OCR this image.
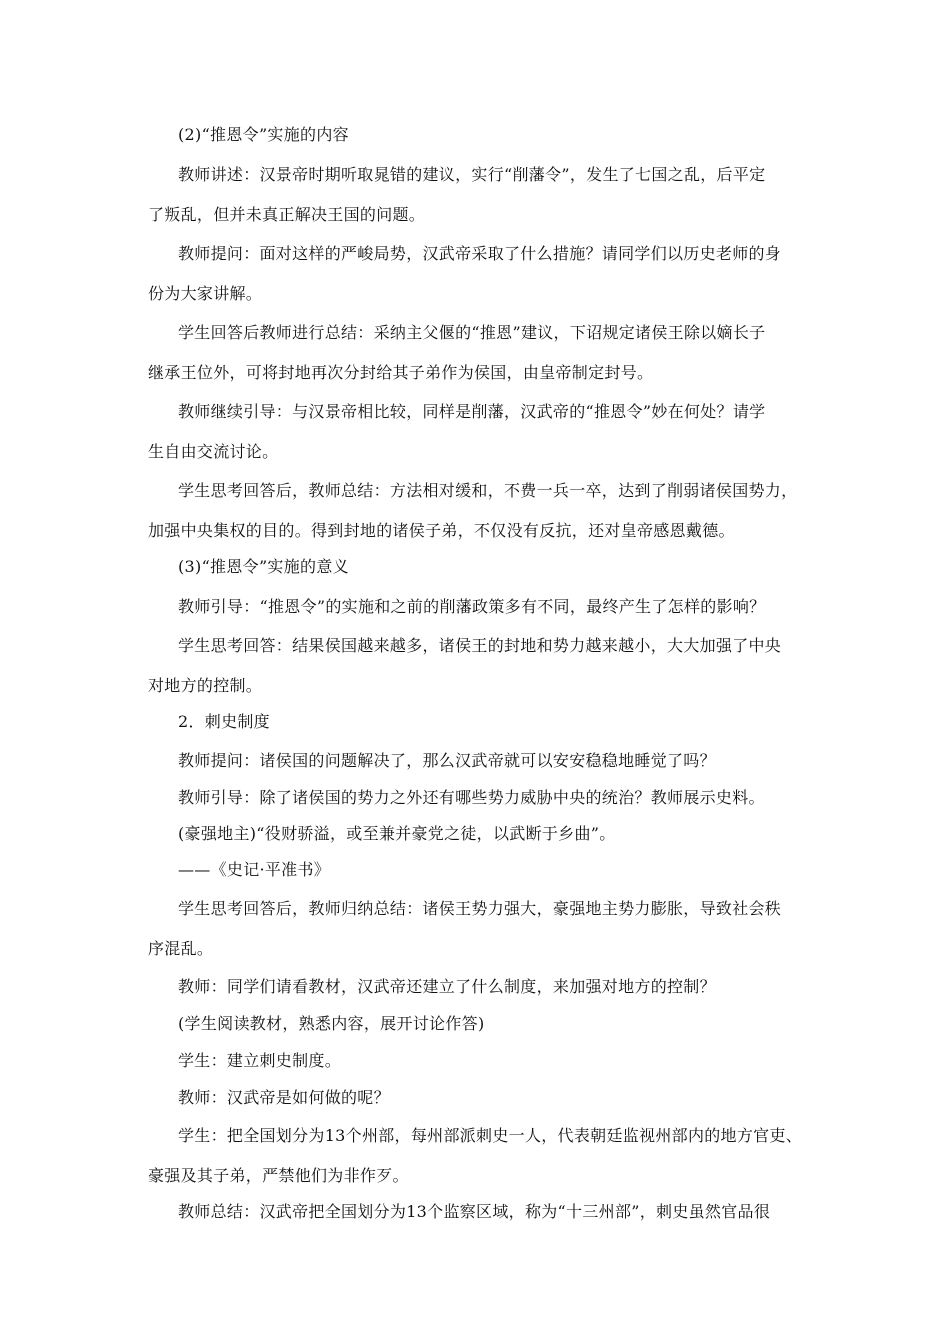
(2)“推恩令”实施的内容
教师讲述：汉景帝时期听取晁错的建议，实行“削藩令”，发生了七国之乱，后平定
了叛乱，但并未真正解决王国的问题。
教师提问：面对这样的严峻局势，汉武帝采取了什么措施？请同学们以历史老师的身
份为大家讲解。
学生回答后教师进行总结：采纳主父偃的“推恩”建议，下诏规定诸侯王除以嫡长子
继承王位外，可将封地再次分封给其子弟作为侯国，由皇帝制定封号。
教师继续引导：与汉景帝相比较，同样是削藩，汉武帝的“推恩令”妙在何处？请学
生自由交流讨论。
学生思考回答后，教师总结：方法相对缓和，不费一兵一卒，达到了削弱诸侯国势力，
加强中央集权的目的。得到封地的诸侯子弟，不仅没有反抗，还对皇帝感恩戴德。
(3)“推恩令”实施的意义
教师引导：“推恩令”的实施和之前的削藩政策多有不同，最终产生了怎样的影响？
学生思考回答：结果侯国越来越多，诸侯王的封地和势力越来越小，大大加强了中央
对地方的控制。
2．刺史制度
教师提问：诸侯国的问题解决了，那么汉武帝就可以安安稳稳地睡觉了吗？
教师引导：除了诸侯国的势力之外还有哪些势力威胁中央的统治？教师展示史料。
(豪强地主)“役财骄溢，或至兼并豪党之徒，以武断于乡曲”。
——《史记·平准书》
学生思考回答后，教师归纳总结：诸侯王势力强大，豪强地主势力膨胀，导致社会秩
序混乱。
教师：同学们请看教材，汉武帝还建立了什么制度，来加强对地方的控制？
(学生阅读教材，熟悉内容，展开讨论作答)
学生：建立刺史制度。
教师：汉武帝是如何做的呢？
学生：把全国划分为13个州部，每州部派刺史一人，代表朝廷监视州部内的地方官吏、
豪强及其子弟，严禁他们为非作歹。
教师总结：汉武帝把全国划分为13个监察区域，称为“十三州部”，刺史虽然官品很
